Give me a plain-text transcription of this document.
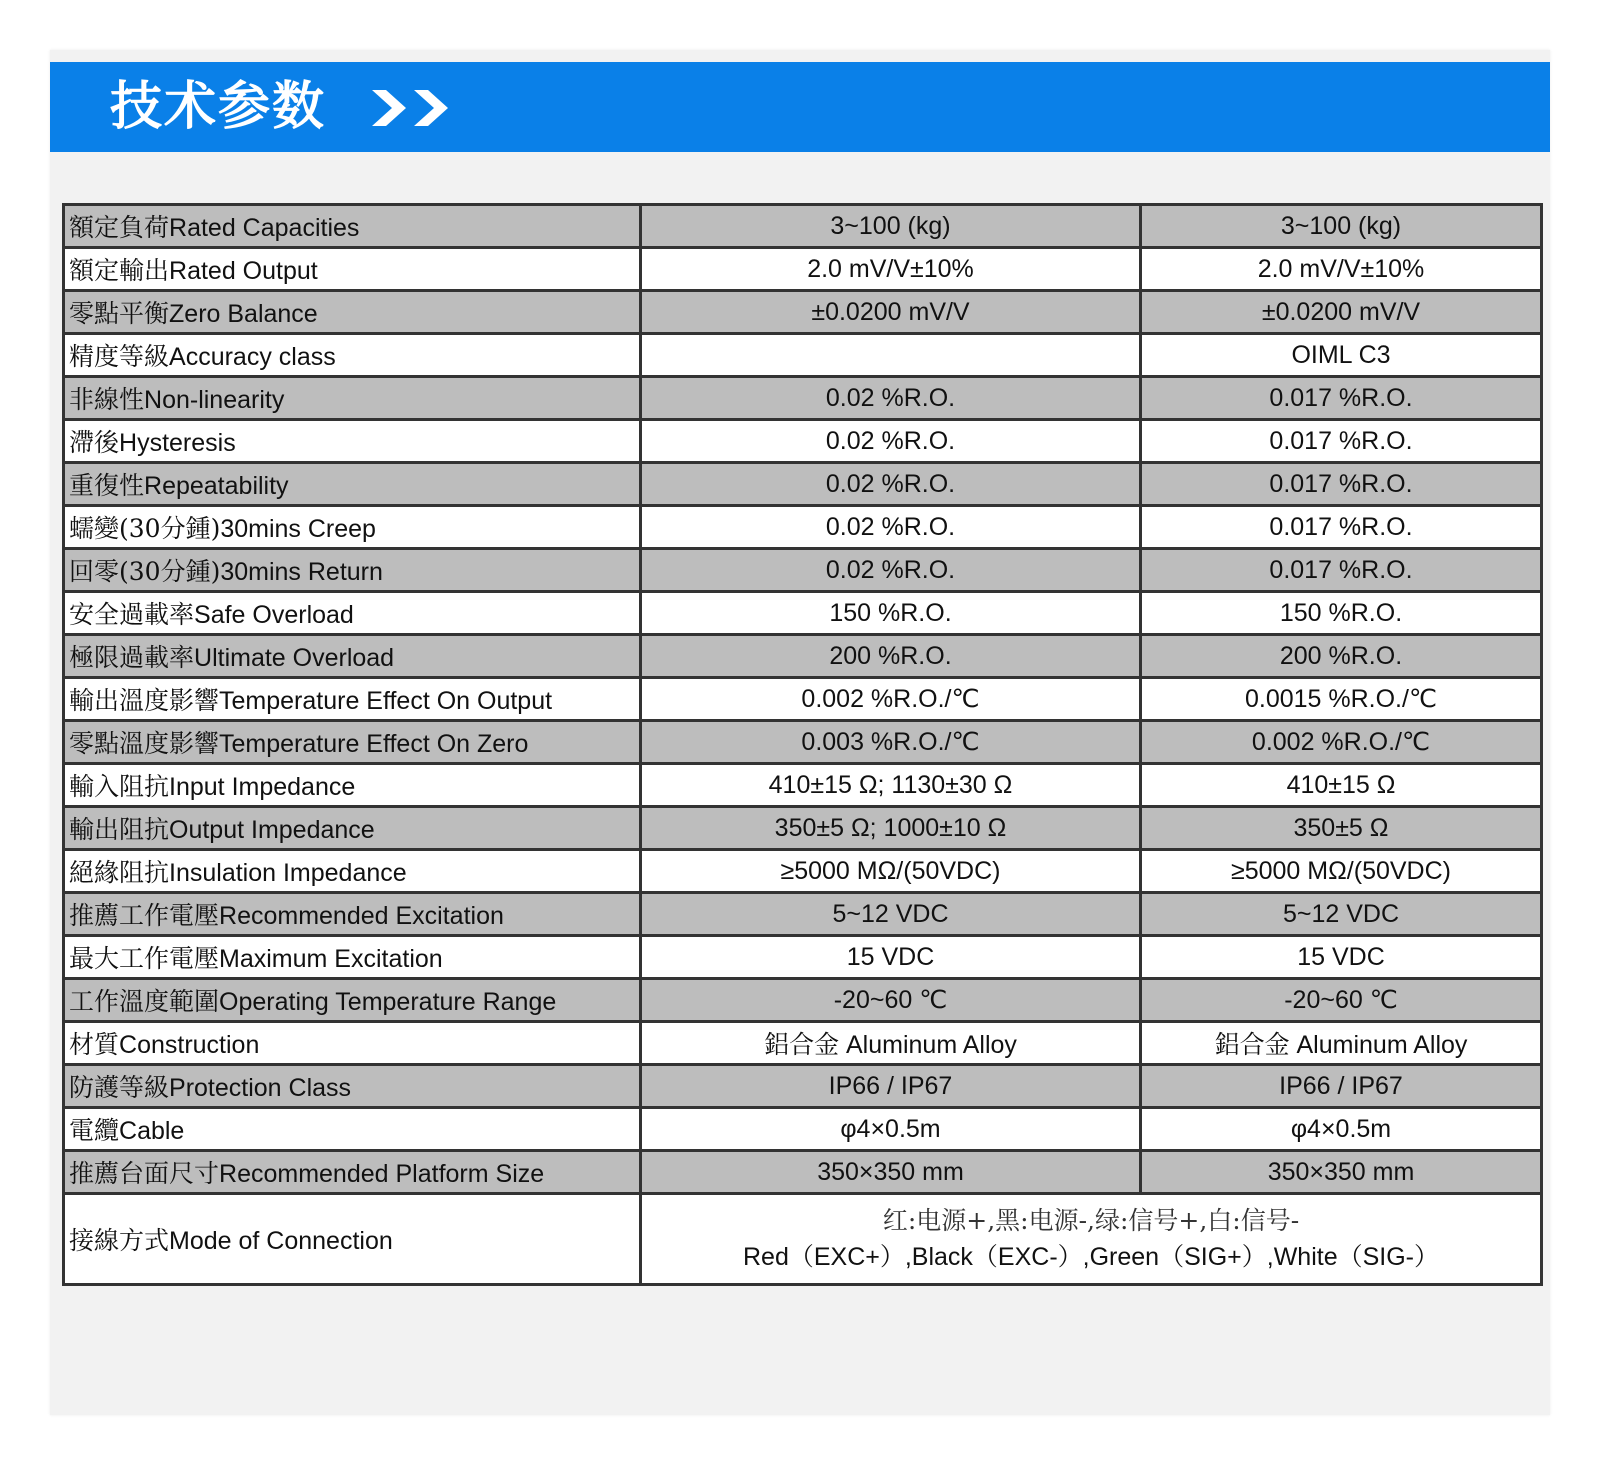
技术参数
額定負荷Rated Capacities	3~100 (kg)	3~100 (kg)
額定輸出Rated Output	2.0 mV/V±10%	2.0 mV/V±10%
零點平衡Zero Balance	±0.0200 mV/V	±0.0200 mV/V
精度等級Accuracy class		OIML C3
非線性Non-linearity	0.02 %R.O.	0.017 %R.O.
滯後Hysteresis	0.02 %R.O.	0.017 %R.O.
重復性Repeatability	0.02 %R.O.	0.017 %R.O.
蠕變(30分鍾)30mins Creep	0.02 %R.O.	0.017 %R.O.
回零(30分鍾)30mins Return	0.02 %R.O.	0.017 %R.O.
安全過載率Safe Overload	150 %R.O.	150 %R.O.
極限過載率Ultimate Overload	200 %R.O.	200 %R.O.
輸出溫度影響Temperature Effect On Output	0.002 %R.O./℃	0.0015 %R.O./℃
零點溫度影響Temperature Effect On Zero	0.003 %R.O./℃	0.002 %R.O./℃
輸入阻抗Input Impedance	410±15 Ω; 1130±30 Ω	410±15 Ω
輸出阻抗Output Impedance	350±5 Ω; 1000±10 Ω	350±5 Ω
絕緣阻抗Insulation Impedance	≥5000 MΩ/(50VDC)	≥5000 MΩ/(50VDC)
推薦工作電壓Recommended Excitation	5~12 VDC	5~12 VDC
最大工作電壓Maximum Excitation	15 VDC	15 VDC
工作溫度範圍Operating Temperature Range	-20~60 ℃	-20~60 ℃
材質Construction	鋁合金 Aluminum Alloy	鋁合金 Aluminum Alloy
防護等級Protection Class	IP66 / IP67	IP66 / IP67
電纜Cable	φ4×0.5m	φ4×0.5m
推薦台面尺寸Recommended Platform Size	350×350 mm	350×350 mm
接線方式Mode of Connection	红:电源+,黑:电源-,绿:信号+,白:信号-
Red（EXC+）,Black（EXC-）,Green（SIG+）,White（SIG-）	
